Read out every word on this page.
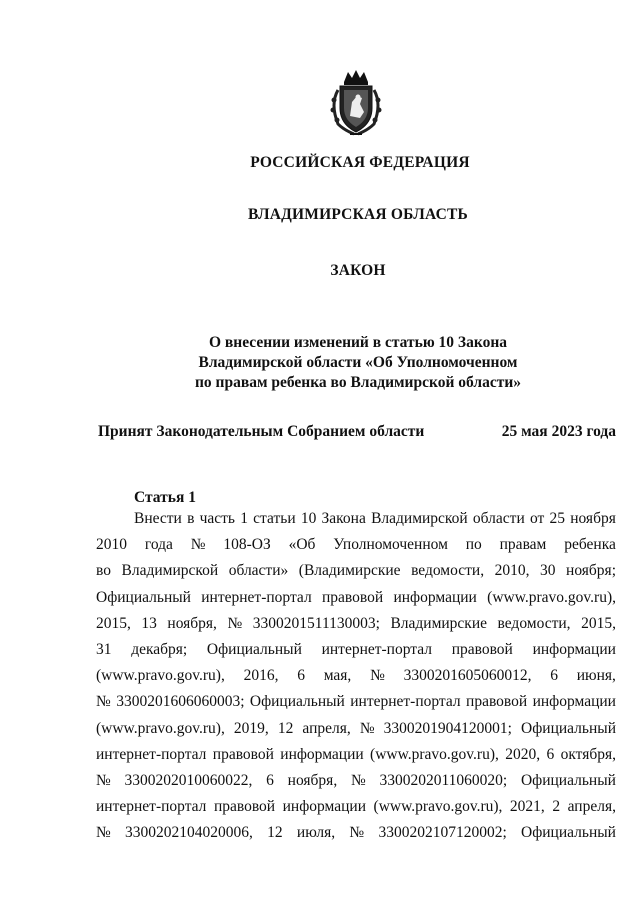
РОССИЙСКАЯ ФЕДЕРАЦИЯ
ВЛАДИМИРСКАЯ ОБЛАСТЬ
ЗАКОН
О внесении изменений в статью 10 Закона
Владимирской области «Об Уполномоченном
по правам ребенка во Владимирской области»
Принят Законодательным Собранием области	25 мая 2023 года
Статья 1
Внести в часть 1 статьи 10 Закона Владимирской области от 25 ноября
2010 года № 108-ОЗ «Об Уполномоченном по правам ребенка
во Владимирской области» (Владимирские ведомости, 2010, 30 ноября;
Официальный интернет-портал правовой информации (www.pravo.gov.ru),
2015, 13 ноября, № 3300201511130003; Владимирские ведомости, 2015,
31 декабря; Официальный интернет-портал правовой информации
(www.pravo.gov.ru), 2016, 6 мая, № 3300201605060012, 6 июня,
№ 3300201606060003; Официальный интернет-портал правовой информации
(www.pravo.gov.ru), 2019, 12 апреля, № 3300201904120001; Официальный
интернет-портал правовой информации (www.pravo.gov.ru), 2020, 6 октября,
№ 3300202010060022, 6 ноября, № 3300202011060020; Официальный
интернет-портал правовой информации (www.pravo.gov.ru), 2021, 2 апреля,
№ 3300202104020006, 12 июля, № 3300202107120002; Официальный
